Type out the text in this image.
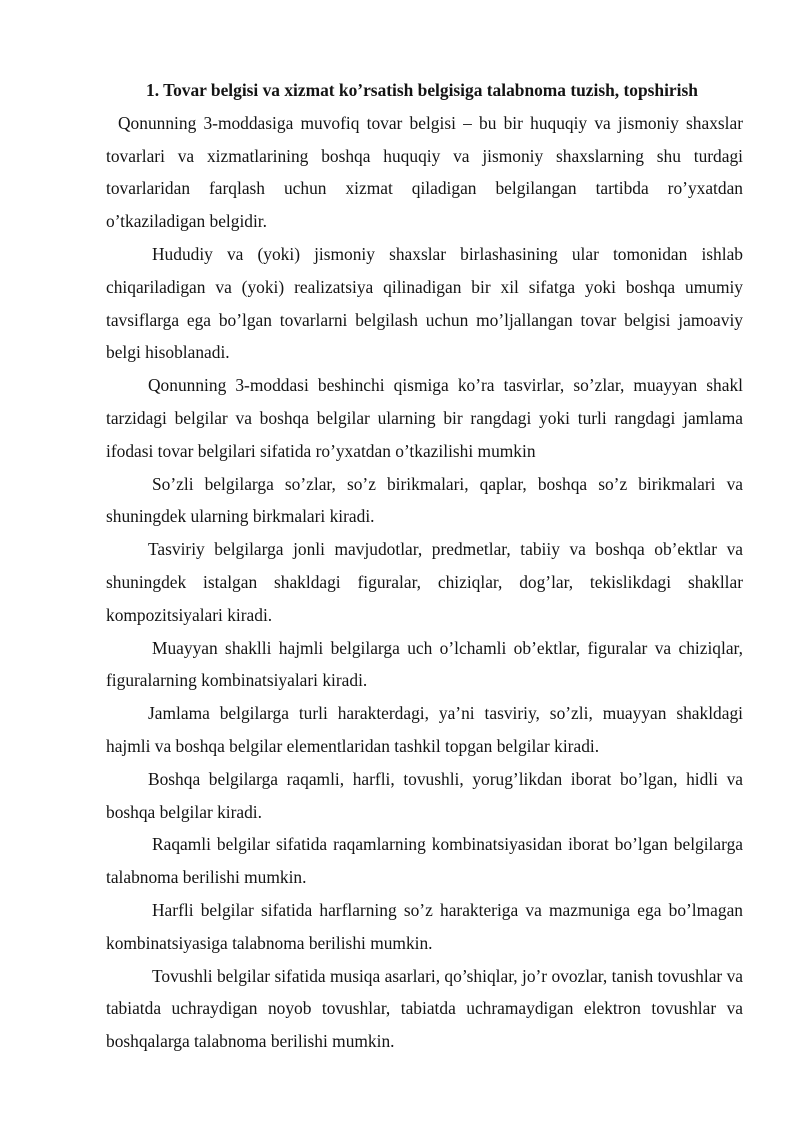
1. Tovar belgisi va xizmat ko’rsatish belgisiga talabnoma tuzish, topshirish

Qonunning 3-moddasiga muvofiq tovar belgisi – bu bir huquqiy va jismoniy shaxslar tovarlari va xizmatlarining boshqa huquqiy va jismoniy shaxslarning shu turdagi tovarlaridan farqlash uchun xizmat qiladigan belgilangan tartibda ro’yxatdan o’tkaziladigan belgidir.

Hududiy va (yoki) jismoniy shaxslar birlashasining ular tomonidan ishlab chiqariladigan va (yoki) realizatsiya qilinadigan bir xil sifatga yoki boshqa umumiy tavsiflarga ega bo’lgan tovarlarni belgilash uchun mo’ljallangan tovar belgisi jamoaviy belgi hisoblanadi.

Qonunning 3-moddasi beshinchi qismiga ko’ra tasvirlar, so’zlar, muayyan shakl tarzidagi belgilar va boshqa belgilar ularning bir rangdagi yoki turli rangdagi jamlama ifodasi tovar belgilari sifatida ro’yxatdan o’tkazilishi mumkin

So’zli belgilarga so’zlar, so’z birikmalari, qaplar, boshqa so’z birikmalari va shuningdek ularning birkmalari kiradi.

Tasviriy belgilarga jonli mavjudotlar, predmetlar, tabiiy va boshqa ob’ektlar va shuningdek istalgan shakldagi figuralar, chiziqlar, dog’lar, tekislikdagi shakllar kompozitsiyalari kiradi.

Muayyan shaklli hajmli belgilarga uch o’lchamli ob’ektlar, figuralar va chiziqlar, figuralarning kombinatsiyalari kiradi.

Jamlama belgilarga turli harakterdagi, ya’ni tasviriy, so’zli, muayyan shakldagi hajmli va boshqa belgilar elementlaridan tashkil topgan belgilar kiradi.

Boshqa belgilarga raqamli, harfli, tovushli, yorug’likdan iborat bo’lgan, hidli va boshqa belgilar kiradi.

Raqamli belgilar sifatida raqamlarning kombinatsiyasidan iborat bo’lgan belgilarga talabnoma berilishi mumkin.

Harfli belgilar sifatida harflarning so’z harakteriga va mazmuniga ega bo’lmagan kombinatsiyasiga talabnoma berilishi mumkin.

Tovushli belgilar sifatida musiqa asarlari, qo’shiqlar, jo’r ovozlar, tanish tovushlar va tabiatda uchraydigan noyob tovushlar, tabiatda uchramaydigan elektron tovushlar va boshqalarga talabnoma berilishi mumkin.
